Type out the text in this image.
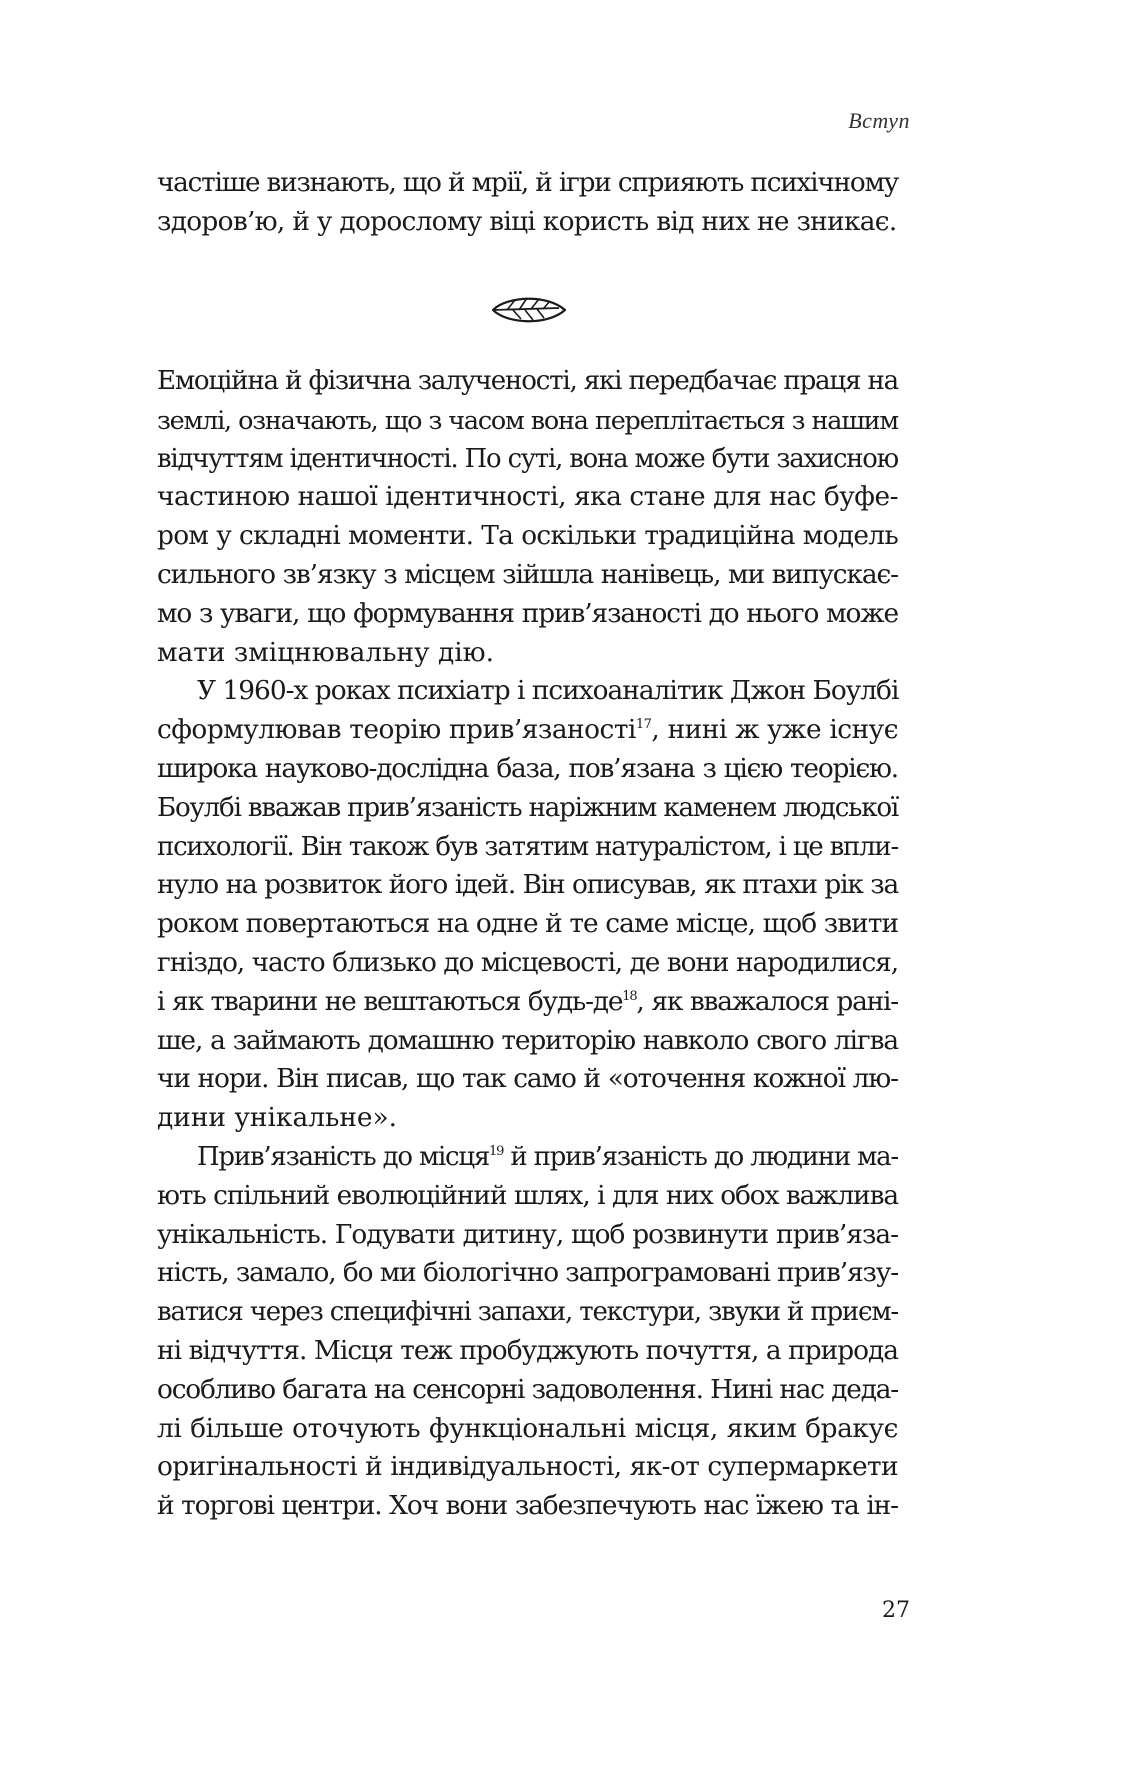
Вступ
частіше визнають, що й мрії, й ігри сприяють психічному
здоров’ю, й у дорослому віці користь від них не зникає.
Емоційна й фізична залученості, які передбачає праця на
землі, означають, що з часом вона переплітається з нашим
відчуттям ідентичності. По суті, вона може бути захисною
частиною нашої ідентичності, яка стане для нас буфе-
ром у складні моменти. Та оскільки традиційна модель
сильного зв’язку з місцем зійшла нанівець, ми випускає-
мо з уваги, що формування прив’язаності до нього може
мати зміцнювальну дію.
У 1960-х роках психіатр і психоаналітик Джон Боулбі
сформулював теорію прив’язаності$^{17}$, нині ж уже існує
широка науково-дослідна база, пов’язана з цією теорією.
Боулбі вважав прив’язаність наріжним каменем людської
психології. Він також був затятим натуралістом, і це впли-
нуло на розвиток його ідей. Він описував, як птахи рік за
роком повертаються на одне й те саме місце, щоб звити
гніздо, часто близько до місцевості, де вони народилися,
і як тварини не вештаються будь-$де^{18}$, як вважалося рані-
ше, а займають домашню територію навколо свого лігва
чи нори. Він писав, що так само й «оточення кожної лю-
дини унікальне».
Прив’язаність до місця$^{19}$ й прив’язаність до людини ма-
ють спільний еволюційний шлях, і для них обох важлива
унікальність. Годувати дитину, щоб розвинути прив’яза-
ність, замало, бо ми біологічно запрограмовані прив’язу-
ватися через специфічні запахи, текстури, звуки й приєм-
ні відчуття. Місця теж пробуджують почуття, а природа
особливо багата на сенсорні задоволення. Нині нас деда-
лі більше оточують функціональні місця, яким бракує
оригінальності й індивідуальності, як-от супермаркети
й торгові центри. Хоч вони забезпечують нас їжею та ін-
27
